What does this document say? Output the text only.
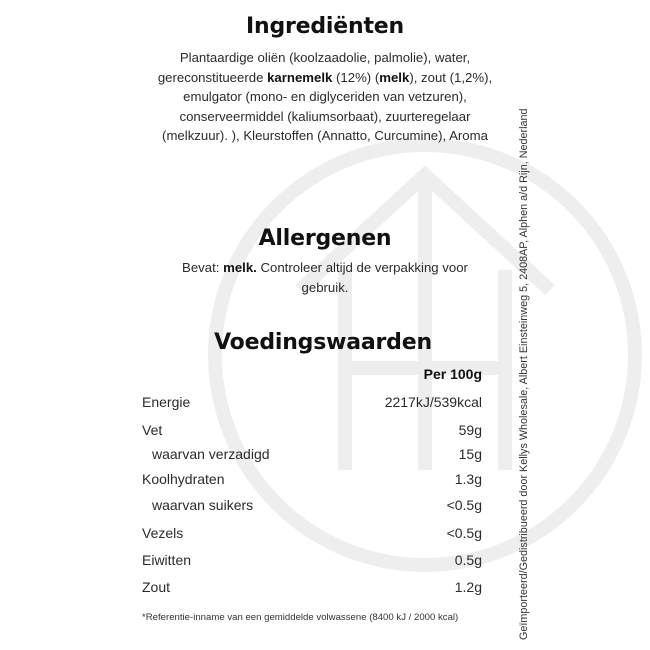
Ingrediënten
Plantaardige oliën (koolzaadolie, palmolie), water,
gereconstitueerde karnemelk (12%) (melk), zout (1,2%),
emulgator (mono- en diglyceriden van vetzuren),
conserveermiddel (kaliumsorbaat), zuurteregelaar
(melkzuur). ), Kleurstoffen (Annatto, Curcumine), Aroma
Allergenen
Bevat: melk. Controleer altijd de verpakking voor
gebruik.
Voedingswaarden
Per 100g
Energie	2217kJ/539kcal
Vet	59g
waarvan verzadigd	15g
Koolhydraten	1.3g
waarvan suikers	<0.5g
Vezels	<0.5g
Eiwitten	0.5g
Zout	1.2g
*Referentie-inname van een gemiddelde volwassene (8400 kJ / 2000 kcal)	Geïmporteerd/Gedistribueerd door Kellys Wholesale, Albert Einsteinweg 5, 2408AP, Alphen a/d Rijn, Nederland
